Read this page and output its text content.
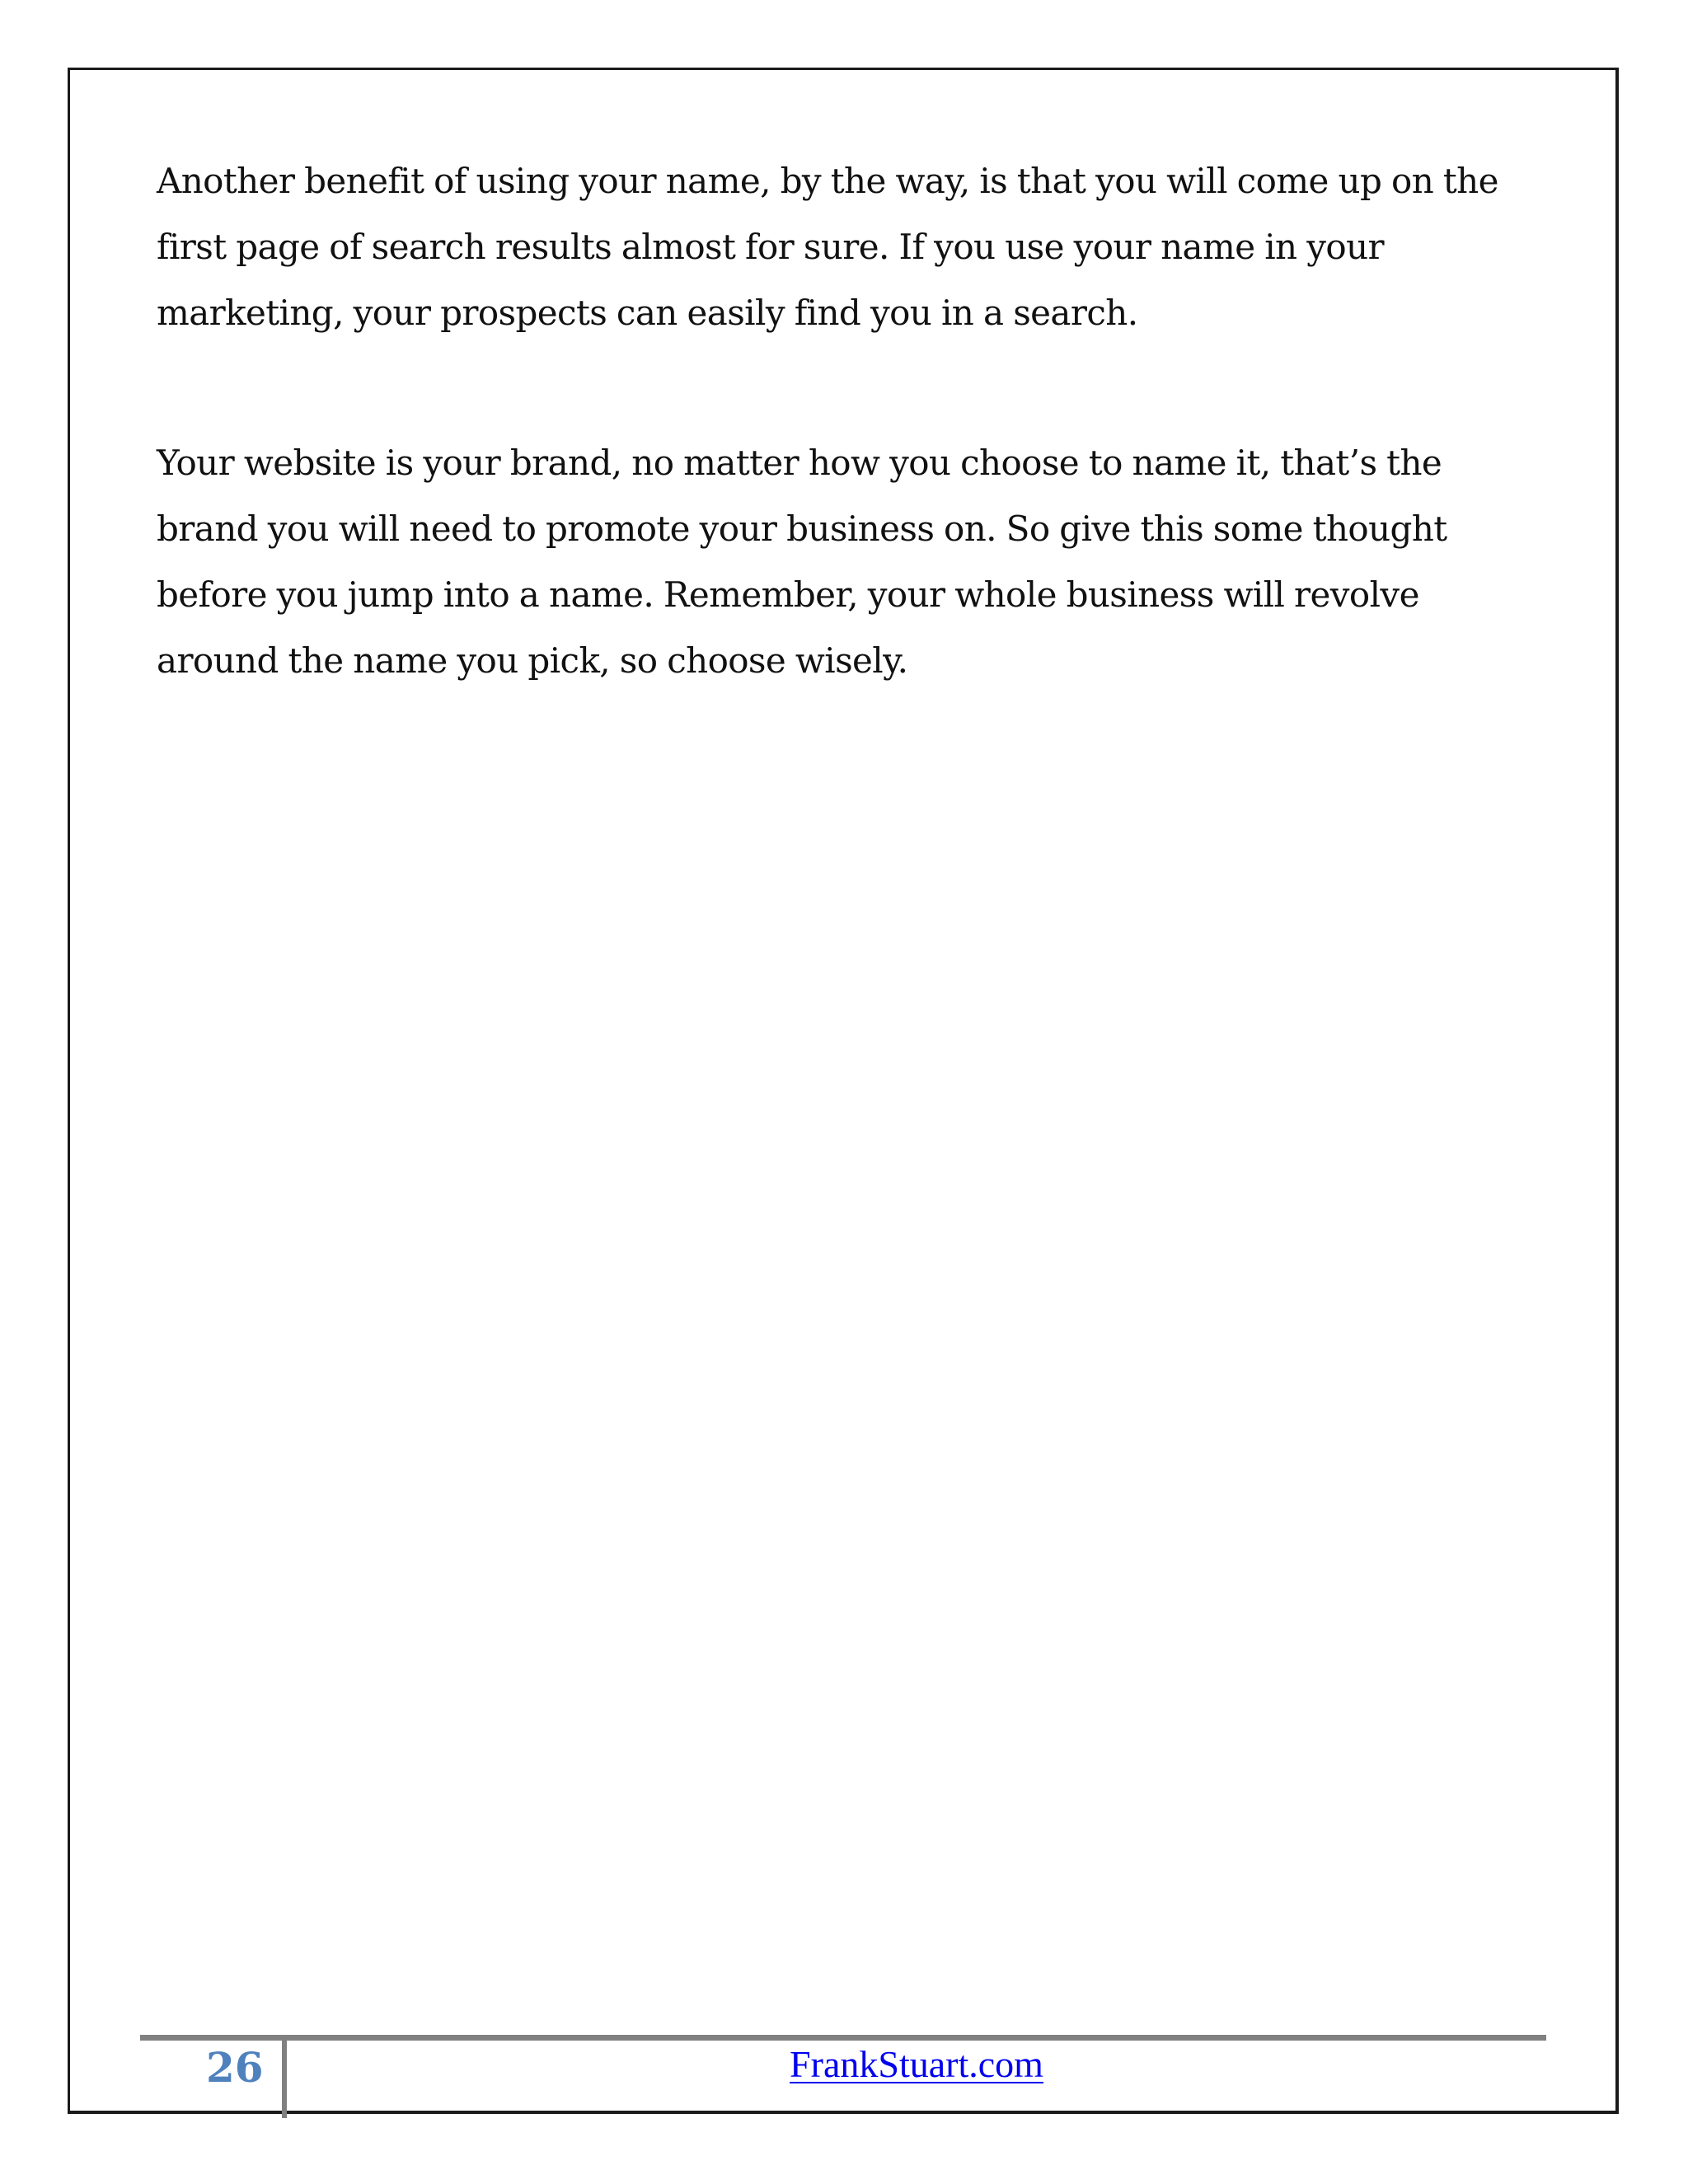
Another benefit of using your name, by the way, is that you will come up on the
first page of search results almost for sure. If you use your name in your
marketing, your prospects can easily find you in a search.

Your website is your brand, no matter how you choose to name it, that’s the
brand you will need to promote your business on. So give this some thought
before you jump into a name. Remember, your whole business will revolve
around the name you pick, so choose wisely.

26	FrankStuart.com
